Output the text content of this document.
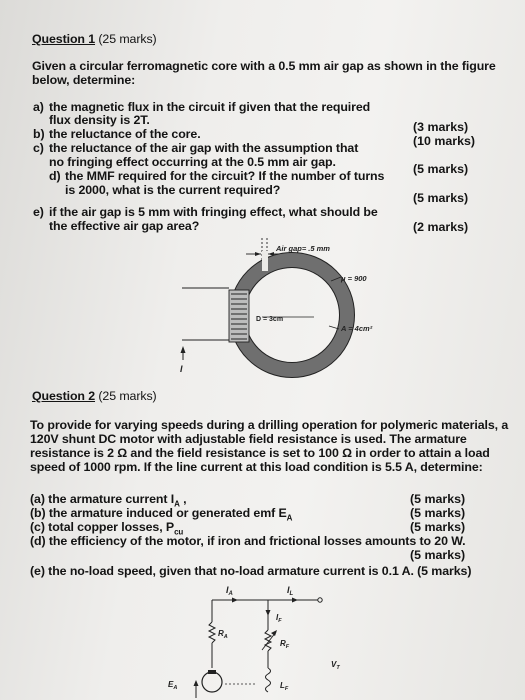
Question 1 (25 marks)
Given a circular ferromagnetic core with a 0.5 mm air gap as shown in the figure
below, determine:
a) the magnetic flux in the circuit if given that the required
flux density is 2T.	(3 marks)
b) the reluctance of the core.	(10 marks)
c) the reluctance of the air gap with the assumption that
no fringing effect occurring at the 0.5 mm air gap.	(5 marks)
d) the MMF required for the circuit? If the number of turns
is 2000, what is the current required?
(5 marks)
e) if the air gap is 5 mm with fringing effect, what should be
the effective air gap area?	(2 marks)
Air gap= .5 mm
I
D = 3cm
μ = 900
A = 4cm²
Question 2 (25 marks)
To provide for varying speeds during a drilling operation for polymeric materials, a
120V shunt DC motor with adjustable field resistance is used. The armature
resistance is 2 Ω and the field resistance is set to 100 Ω in order to attain a load
speed of 1000 rpm. If the line current at this load condition is 5.5 A, determine:
(a) the armature current $I_A$ ,	(5 marks)
(b) the armature induced or generated emf $E_A$	(5 marks)
(c) total copper losses, $P_{cu}$	(5 marks)
(d) the efficiency of the motor, if iron and frictional losses amounts to 20 W.
(5 marks)
(e) the no-load speed, given that no-load armature current is 0.1 A. (5 marks)
$I_A$	$I_L$
$R_A$
$E_A$
$I_F$
$R_F$
$L_F$
$V_T$
